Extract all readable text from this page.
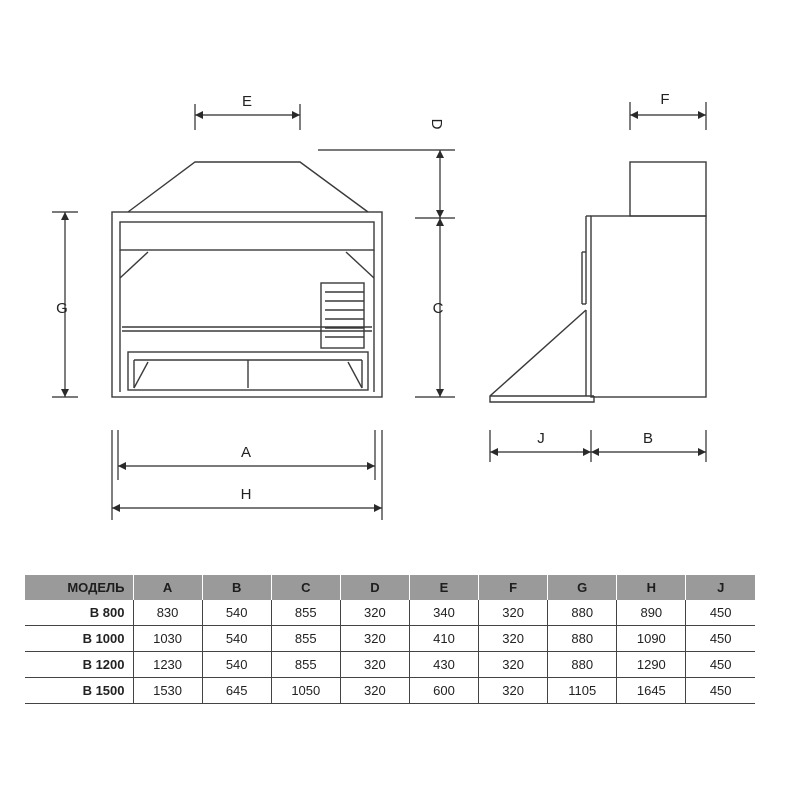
E
D
C
G
A
H
F
J	B
МОДЕЛЬ	A	B	C	D	E	F	G	H	J
B 800	830	540	855	320	340	320	880	890	450
B 1000	1030	540	855	320	410	320	880	1090	450
B 1200	1230	540	855	320	430	320	880	1290	450
B 1500	1530	645	1050	320	600	320	1105	1645	450
